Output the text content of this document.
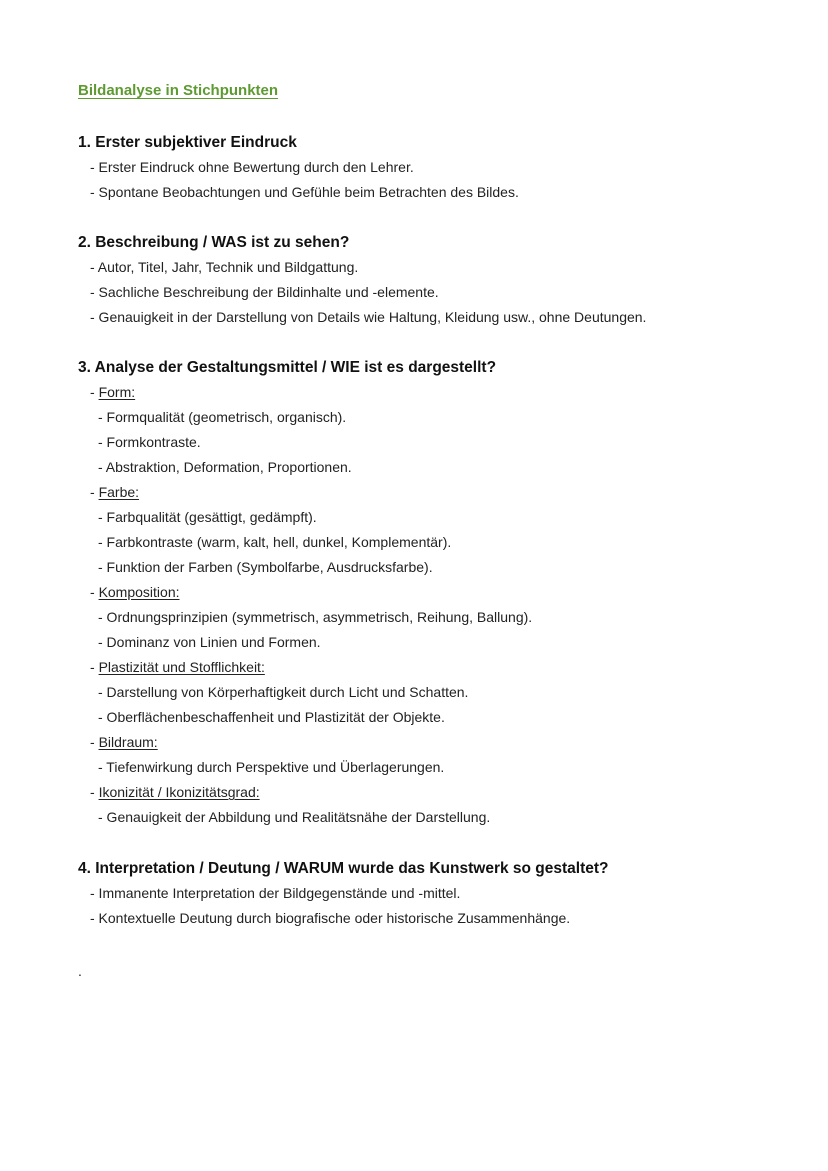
Bildanalyse in Stichpunkten
1. Erster subjektiver Eindruck
- Erster Eindruck ohne Bewertung durch den Lehrer.
- Spontane Beobachtungen und Gefühle beim Betrachten des Bildes.
2. Beschreibung / WAS ist zu sehen?
- Autor, Titel, Jahr, Technik und Bildgattung.
- Sachliche Beschreibung der Bildinhalte und -elemente.
- Genauigkeit in der Darstellung von Details wie Haltung, Kleidung usw., ohne Deutungen.
3. Analyse der Gestaltungsmittel / WIE ist es dargestellt?
- Form:
- Formqualität (geometrisch, organisch).
- Formkontraste.
- Abstraktion, Deformation, Proportionen.
- Farbe:
- Farbqualität (gesättigt, gedämpft).
- Farbkontraste (warm, kalt, hell, dunkel, Komplementär).
- Funktion der Farben (Symbolfarbe, Ausdrucksfarbe).
- Komposition:
- Ordnungsprinzipien (symmetrisch, asymmetrisch, Reihung, Ballung).
- Dominanz von Linien und Formen.
- Plastizität und Stofflichkeit:
- Darstellung von Körperhaftigkeit durch Licht und Schatten.
- Oberflächenbeschaffenheit und Plastizität der Objekte.
- Bildraum:
- Tiefenwirkung durch Perspektive und Überlagerungen.
- Ikonizität / Ikonizitätsgrad:
- Genauigkeit der Abbildung und Realitätsnähe der Darstellung.
4. Interpretation / Deutung / WARUM wurde das Kunstwerk so gestaltet?
- Immanente Interpretation der Bildgegenstände und -mittel.
- Kontextuelle Deutung durch biografische oder historische Zusammenhänge.
.
